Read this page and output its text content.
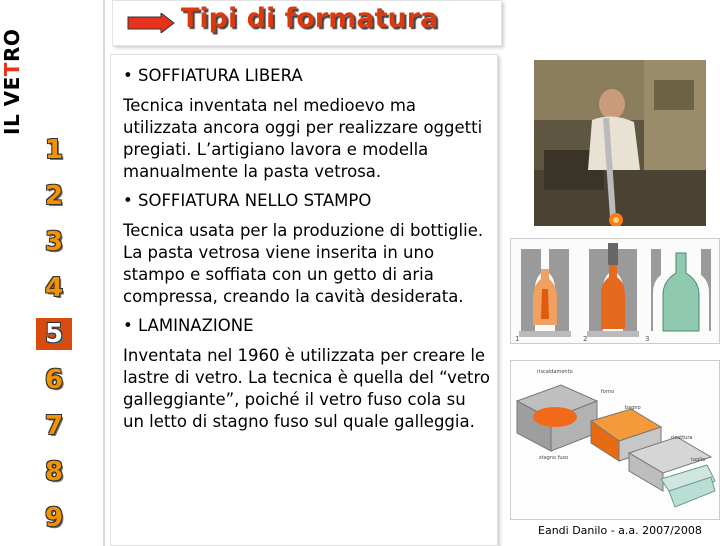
IL VETRO
1
2
3
4
5
6
7
8
9
Tipi di formatura

• SOFFIATURA LIBERA

Tecnica inventata nel medioevo ma utilizzata ancora oggi per realizzare oggetti pregiati. L’artigiano lavora e modella manualmente la pasta vetrosa.

• SOFFIATURA NELLO STAMPO

Tecnica usata per la produzione di bottiglie. La pasta vetrosa viene inserita in uno stampo e soffiata con un getto di aria compressa, creando la cavità desiderata.

• LAMINAZIONE

Inventata nel 1960 è utilizzata per creare le lastre di vetro. La tecnica è quella del “vetro galleggiante”, poiché il vetro fuso cola su un letto di stagno fuso sul quale galleggia.

1	2	3
riscaldamento
forno
bagno
stagno fuso
ricottura
taglio
Eandi Danilo - a.a. 2007/2008
